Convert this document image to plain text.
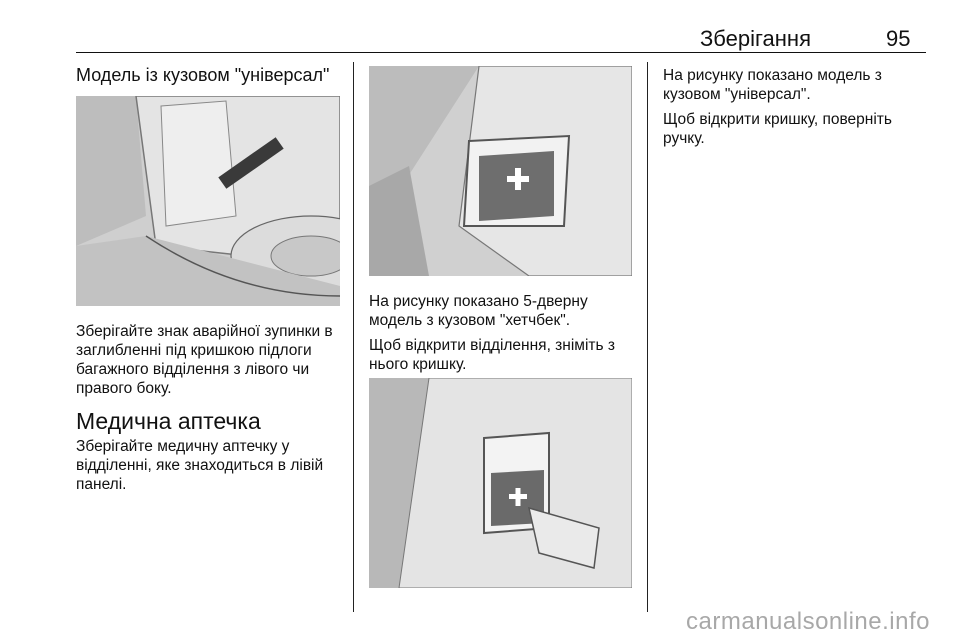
Зберігання	95

Модель із кузовом "універсал"

Зберігайте знак аварійної зупинки в заглибленні під кришкою підлоги багажного відділення з лівого чи правого боку.

Медична аптечка

Зберігайте медичну аптечку у відділенні, яке знаходиться в лівій панелі.

На рисунку показано 5-дверну модель з кузовом "хетчбек".

Щоб відкрити відділення, зніміть з нього кришку.

На рисунку показано модель з кузовом "універсал".

Щоб відкрити кришку, поверніть ручку.

carmanualsonline.info
